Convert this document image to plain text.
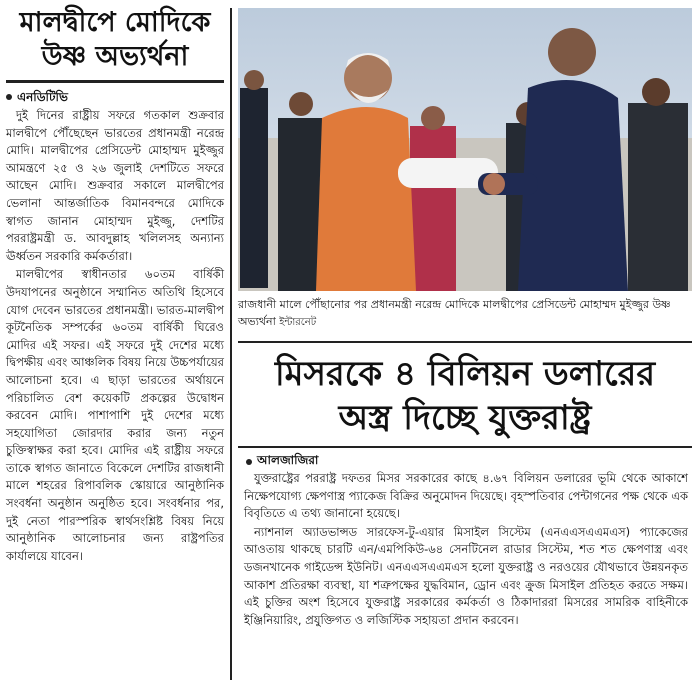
মালদ্বীপে মোদিকে উষ্ণ অভ্যর্থনা
এনডিটিভি

দুই দিনের রাষ্ট্রীয় সফরে গতকাল শুক্রবার মালদ্বীপে পৌঁছেছেন ভারতের প্রধানমন্ত্রী নরেন্দ্র মোদি। মালদ্বীপের প্রেসিডেন্ট মোহাম্মদ মুইজ্জুর আমন্ত্রণে ২৫ ও ২৬ জুলাই দেশটিতে সফরে আছেন মোদি। শুক্রবার সকালে মালদ্বীপের ভেলানা আন্তর্জাতিক বিমানবন্দরে মোদিকে স্বাগত জানান মোহাম্মদ মুইজ্জু, দেশটির পররাষ্ট্রমন্ত্রী ড. আবদুল্লাহ খলিলসহ অন্যান্য ঊর্ধ্বতন সরকারি কর্মকর্তারা।

মালদ্বীপের স্বাধীনতার ৬০তম বার্ষিকী উদযাপনের অনুষ্ঠানে সম্মানিত অতিথি হিসেবে যোগ দেবেন ভারতের প্রধানমন্ত্রী। ভারত-মালদ্বীপ কূটনৈতিক সম্পর্কের ৬০তম বার্ষিকী ঘিরেও মোদির এই সফর। এই সফরে দুই দেশের মধ্যে দ্বিপক্ষীয় এবং আঞ্চলিক বিষয় নিয়ে উচ্চপর্যায়ের আলোচনা হবে। এ ছাড়া ভারতের অর্থায়নে পরিচালিত বেশ কয়েকটি প্রকল্পের উদ্বোধন করবেন মোদি। পাশাপাশি দুই দেশের মধ্যে সহযোগিতা জোরদার করার জন্য নতুন চুক্তিস্বাক্ষর করা হবে। মোদির এই রাষ্ট্রীয় সফরে তাকে স্বাগত জানাতে বিকেলে দেশটির রাজধানী মালে শহরের রিপাবলিক স্কোয়ারে আনুষ্ঠানিক সংবর্ধনা অনুষ্ঠান অনুষ্ঠিত হবে। সংবর্ধনার পর, দুই নেতা পারস্পরিক স্বার্থসংশ্লিষ্ট বিষয় নিয়ে আনুষ্ঠানিক আলোচনার জন্য রাষ্ট্রপতির কার্যালয়ে যাবেন।

রাজধানী মালে পৌঁছানোর পর প্রধানমন্ত্রী নরেন্দ্র মোদিকে মালদ্বীপের প্রেসিডেন্ট মোহাম্মদ মুইজ্জুর উষ্ণ অভ্যর্থনা ইন্টারনেট
মিসরকে ৪ বিলিয়ন ডলারের
অস্ত্র দিচ্ছে যুক্তরাষ্ট্র
আলজাজিরা

যুক্তরাষ্ট্রের পররাষ্ট্র দফতর মিসর সরকারের কাছে ৪.৬৭ বিলিয়ন ডলারের ভূমি থেকে আকাশে নিক্ষেপযোগ্য ক্ষেপণাস্ত্র প্যাকেজ বিক্রির অনুমোদন দিয়েছে। বৃহস্পতিবার পেন্টাগনের পক্ষ থেকে এক বিবৃতিতে এ তথ্য জানানো হয়েছে।

ন্যাশনাল অ্যাডভান্সড সারফেস-টু-এয়ার মিসাইল সিস্টেম (এনএএসএএমএস) প্যাকেজের আওতায় থাকছে চারটি এন/এমপিকিউ-৬৪ সেনটিনেল রাডার সিস্টেম, শত শত ক্ষেপণাস্ত্র এবং ডজনখানেক গাইডেন্স ইউনিট। এনএএসএএমএস হলো যুক্তরাষ্ট্র ও নরওয়ের যৌথভাবে উন্নয়নকৃত আকাশ প্রতিরক্ষা ব্যবস্থা, যা শত্রুপক্ষের যুদ্ধবিমান, ড্রোন এবং ক্রুজ মিসাইল প্রতিহত করতে সক্ষম। এই চুক্তির অংশ হিসেবে যুক্তরাষ্ট্র সরকারের কর্মকর্তা ও ঠিকাদাররা মিসরের সামরিক বাহিনীকে ইঞ্জিনিয়ারিং, প্রযুক্তিগত ও লজিস্টিক সহায়তা প্রদান করবেন।
